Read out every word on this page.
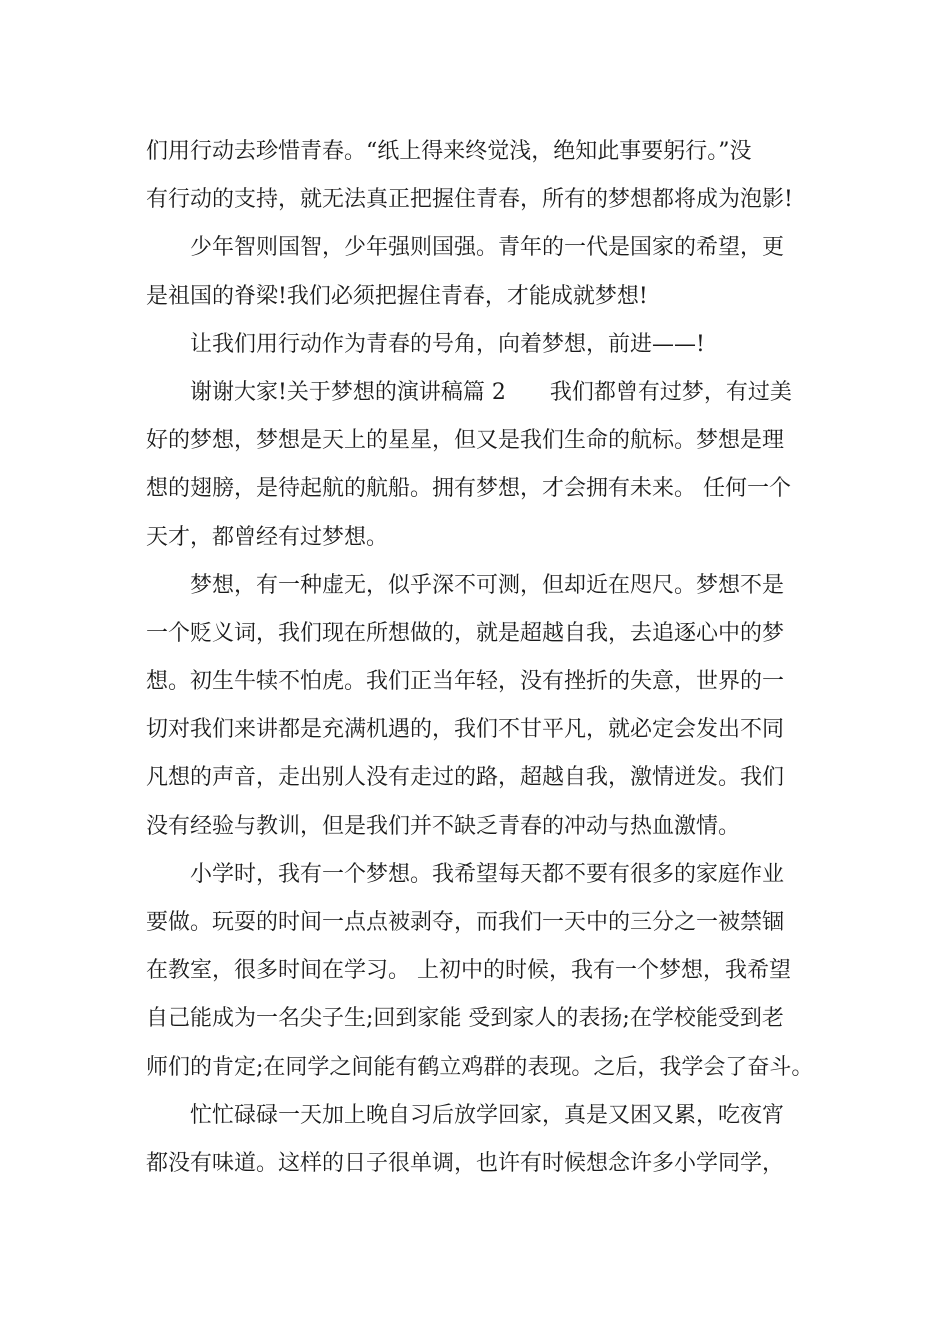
们用行动去珍惜青春。“纸上得来终觉浅，绝知此事要躬行。”没
有行动的支持，就无法真正把握住青春，所有的梦想都将成为泡影!
少年智则国智，少年强则国强。青年的一代是国家的希望，更
是祖国的脊梁!我们必须把握住青春，才能成就梦想!
让我们用行动作为青春的号角，向着梦想，前进——!
谢谢大家!关于梦想的演讲稿篇 2　　我们都曾有过梦，有过美
好的梦想，梦想是天上的星星，但又是我们生命的航标。梦想是理
想的翅膀，是待起航的航船。拥有梦想，才会拥有未来。 任何一个
天才，都曾经有过梦想。
梦想，有一种虚无，似乎深不可测，但却近在咫尺。梦想不是
一个贬义词，我们现在所想做的，就是超越自我，去追逐心中的梦
想。初生牛犊不怕虎。我们正当年轻，没有挫折的失意，世界的一
切对我们来讲都是充满机遇的，我们不甘平凡，就必定会发出不同
凡想的声音，走出别人没有走过的路，超越自我，激情迸发。我们
没有经验与教训，但是我们并不缺乏青春的冲动与热血激情。
小学时，我有一个梦想。我希望每天都不要有很多的家庭作业
要做。玩耍的时间一点点被剥夺，而我们一天中的三分之一被禁锢
在教室，很多时间在学习。 上初中的时候，我有一个梦想，我希望
自己能成为一名尖子生;回到家能 受到家人的表扬;在学校能受到老
师们的肯定;在同学之间能有鹤立鸡群的表现。之后，我学会了奋斗。
忙忙碌碌一天加上晚自习后放学回家，真是又困又累，吃夜宵
都没有味道。这样的日子很单调，也许有时候想念许多小学同学，
